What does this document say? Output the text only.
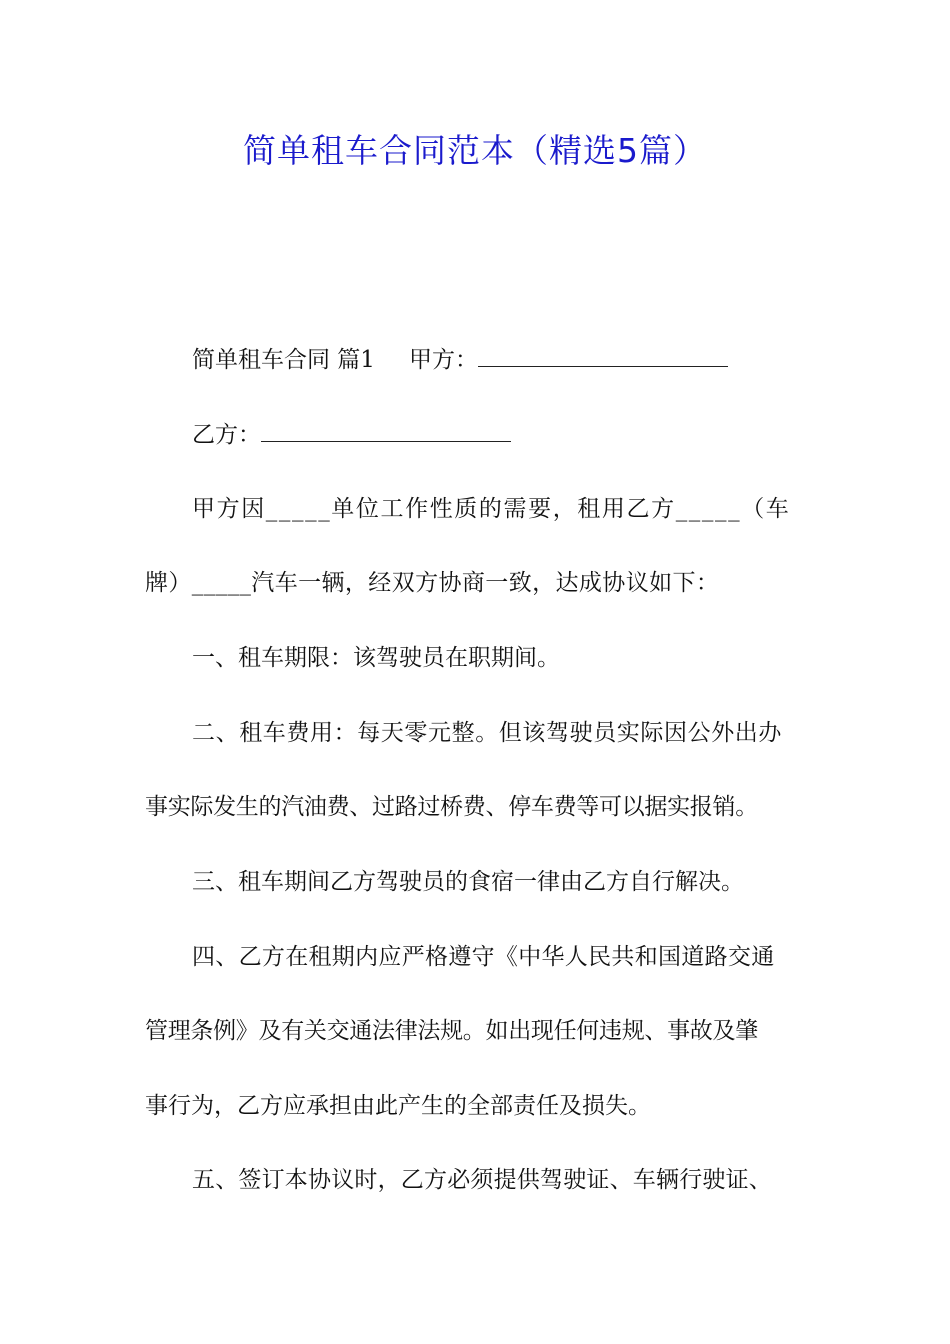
简单租车合同范本（精选5篇）

简单租车合同 篇1 甲方：

乙方：

甲方因_____单位工作性质的需要，租用乙方_____（车

牌）_____汽车一辆，经双方协商一致，达成协议如下：

一、租车期限：该驾驶员在职期间。

二、租车费用：每天零元整。但该驾驶员实际因公外出办

事实际发生的汽油费、过路过桥费、停车费等可以据实报销。

三、租车期间乙方驾驶员的食宿一律由乙方自行解决。

四、乙方在租期内应严格遵守《中华人民共和国道路交通

管理条例》及有关交通法律法规。如出现任何违规、事故及肇

事行为，乙方应承担由此产生的全部责任及损失。

五、签订本协议时，乙方必须提供驾驶证、车辆行驶证、
